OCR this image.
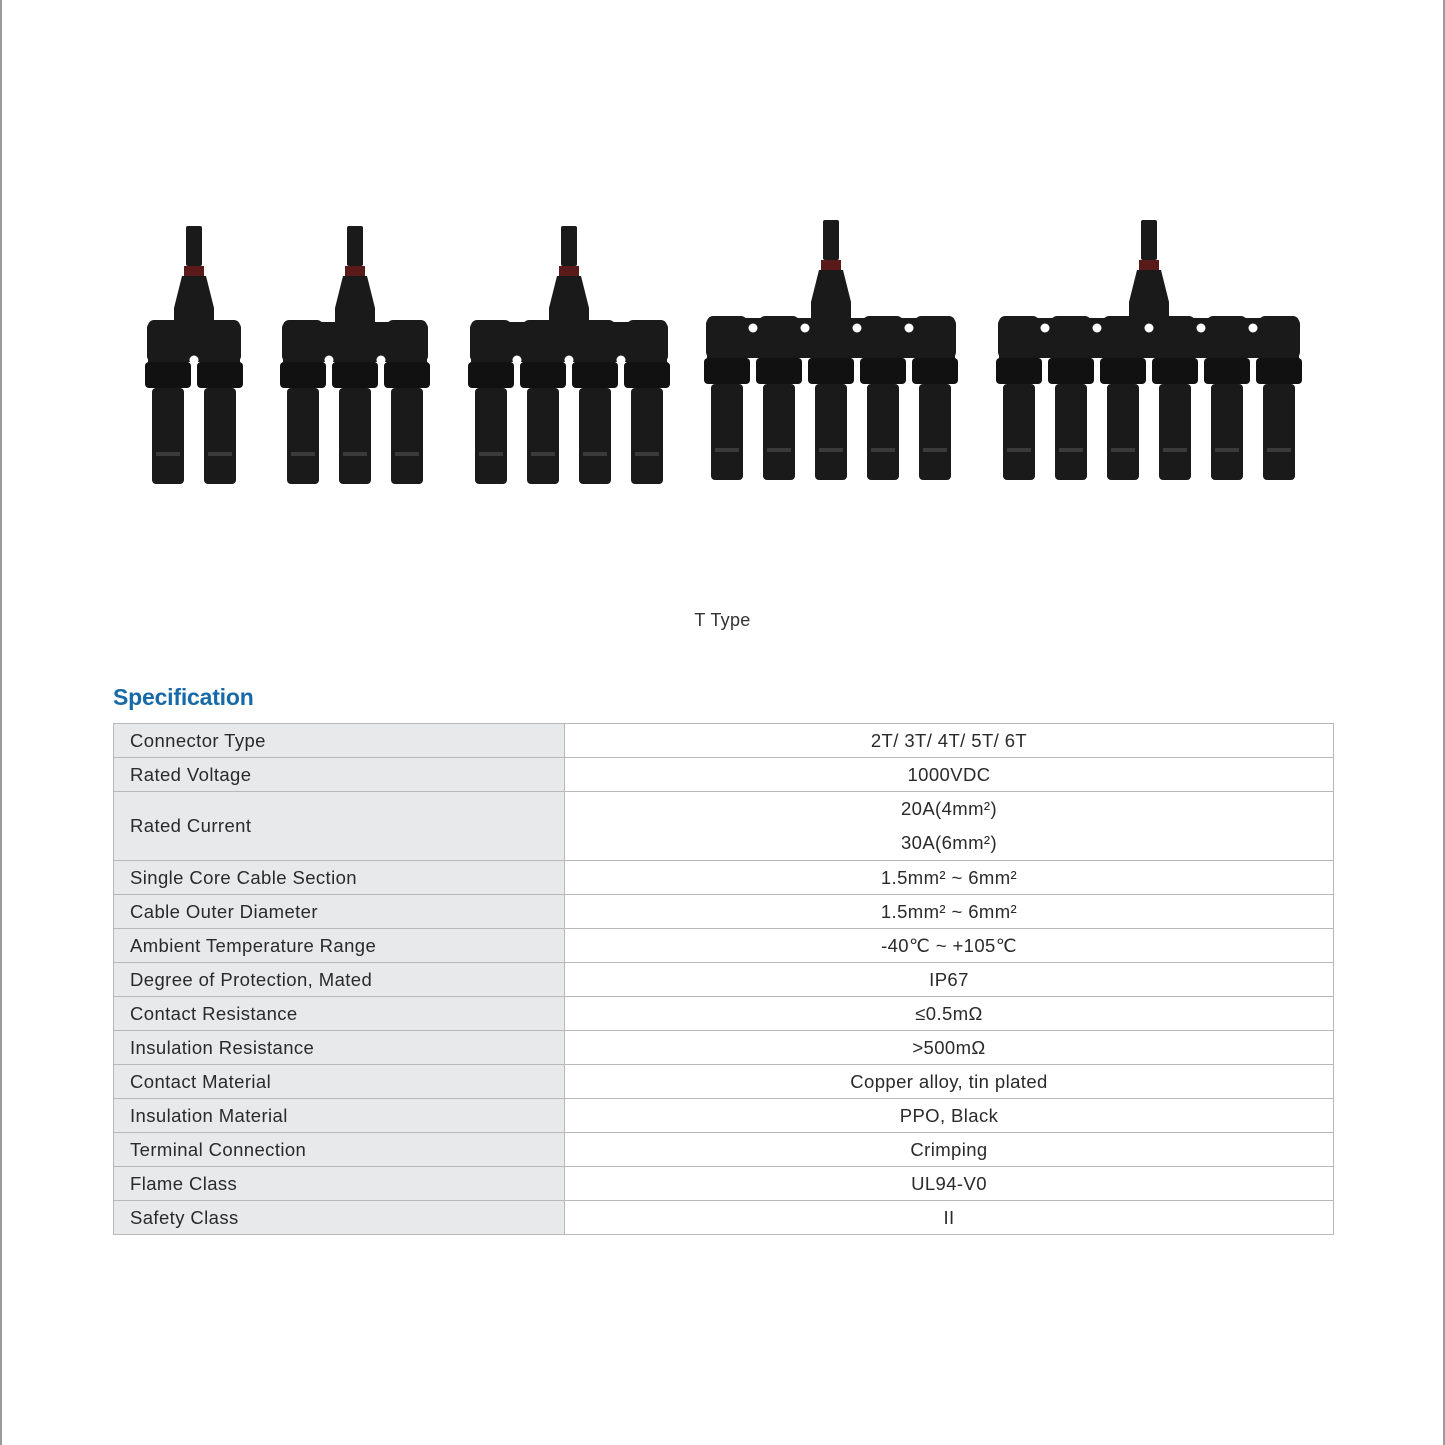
T Type
Specification
Connector Type	2T/ 3T/ 4T/ 5T/ 6T
Rated Voltage	1000VDC
Rated Current	20A(4mm²)
30A(6mm²)

Single Core Cable Section	1.5mm² ~ 6mm²
Cable Outer Diameter	1.5mm² ~ 6mm²
Ambient Temperature Range	-40℃ ~ +105℃
Degree of Protection, Mated	IP67
Contact Resistance	≤0.5mΩ
Insulation Resistance	>500mΩ
Contact Material	Copper alloy, tin plated
Insulation Material	PPO, Black
Terminal Connection	Crimping
Flame Class	UL94-V0
Safety Class	II
